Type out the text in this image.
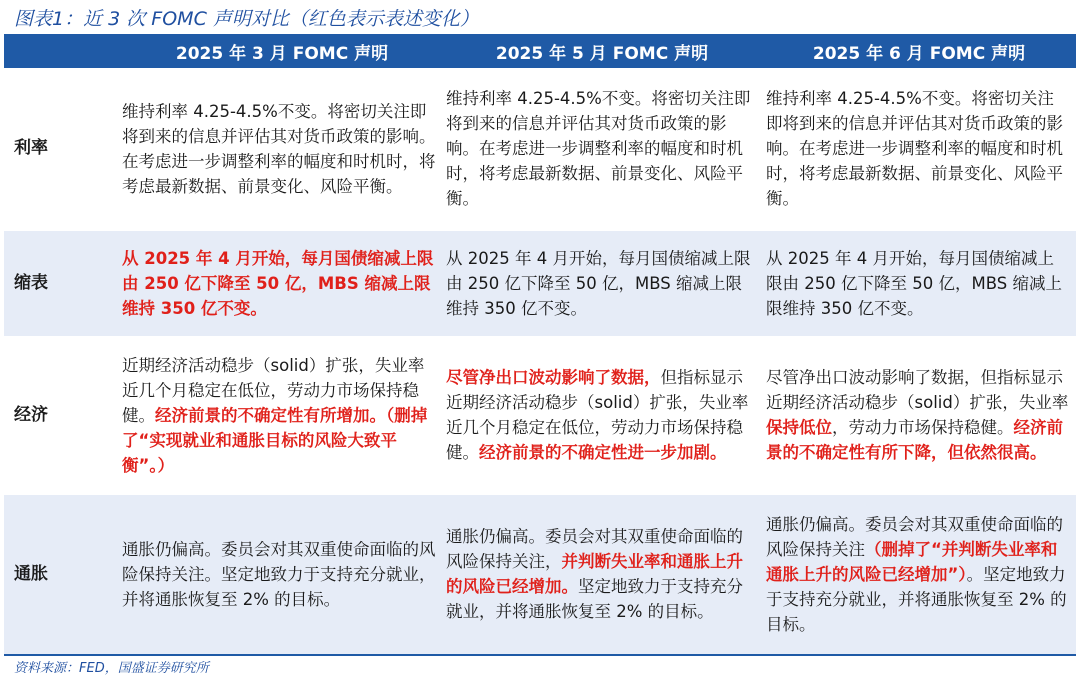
图表1：近 3 次 FOMC 声明对比（红色表示表述变化）
	2025 年 3 月 FOMC 声明	2025 年 5 月 FOMC 声明	2025 年 6 月 FOMC 声明
利率	维持利率 4.25-4.5%不变。将密切关注即将到来的信息并评估其对货币政策的影响。在考虑进一步调整利率的幅度和时机时，将考虑最新数据、前景变化、风险平衡。	维持利率 4.25-4.5%不变。将密切关注即将到来的信息并评估其对货币政策的影响。在考虑进一步调整利率的幅度和时机时，将考虑最新数据、前景变化、风险平衡。	维持利率 4.25-4.5%不变。将密切关注即将到来的信息并评估其对货币政策的影响。在考虑进一步调整利率的幅度和时机时，将考虑最新数据、前景变化、风险平衡。
缩表	从 2025 年 4 月开始，每月国债缩减上限由 250 亿下降至 50 亿，MBS 缩减上限维持 350 亿不变。	从 2025 年 4 月开始，每月国债缩减上限由 250 亿下降至 50 亿，MBS 缩减上限维持 350 亿不变。	从 2025 年 4 月开始，每月国债缩减上限由 250 亿下降至 50 亿，MBS 缩减上限维持 350 亿不变。
经济	近期经济活动稳步（solid）扩张，失业率近几个月稳定在低位，劳动力市场保持稳健。经济前景的不确定性有所增加。（删掉了“实现就业和通胀目标的风险大致平衡”。）	尽管净出口波动影响了数据，但指标显示近期经济活动稳步（solid）扩张，失业率近几个月稳定在低位，劳动力市场保持稳健。经济前景的不确定性进一步加剧。	尽管净出口波动影响了数据，但指标显示近期经济活动稳步（solid）扩张，失业率保持低位，劳动力市场保持稳健。经济前景的不确定性有所下降，但依然很高。
通胀	通胀仍偏高。委员会对其双重使命面临的风险保持关注。坚定地致力于支持充分就业，并将通胀恢复至 2% 的目标。	通胀仍偏高。委员会对其双重使命面临的风险保持关注，并判断失业率和通胀上升的风险已经增加。坚定地致力于支持充分就业，并将通胀恢复至 2% 的目标。	通胀仍偏高。委员会对其双重使命面临的风险保持关注（删掉了“并判断失业率和通胀上升的风险已经增加”）。坚定地致力于支持充分就业，并将通胀恢复至 2% 的目标。
资料来源：FED，国盛证券研究所
